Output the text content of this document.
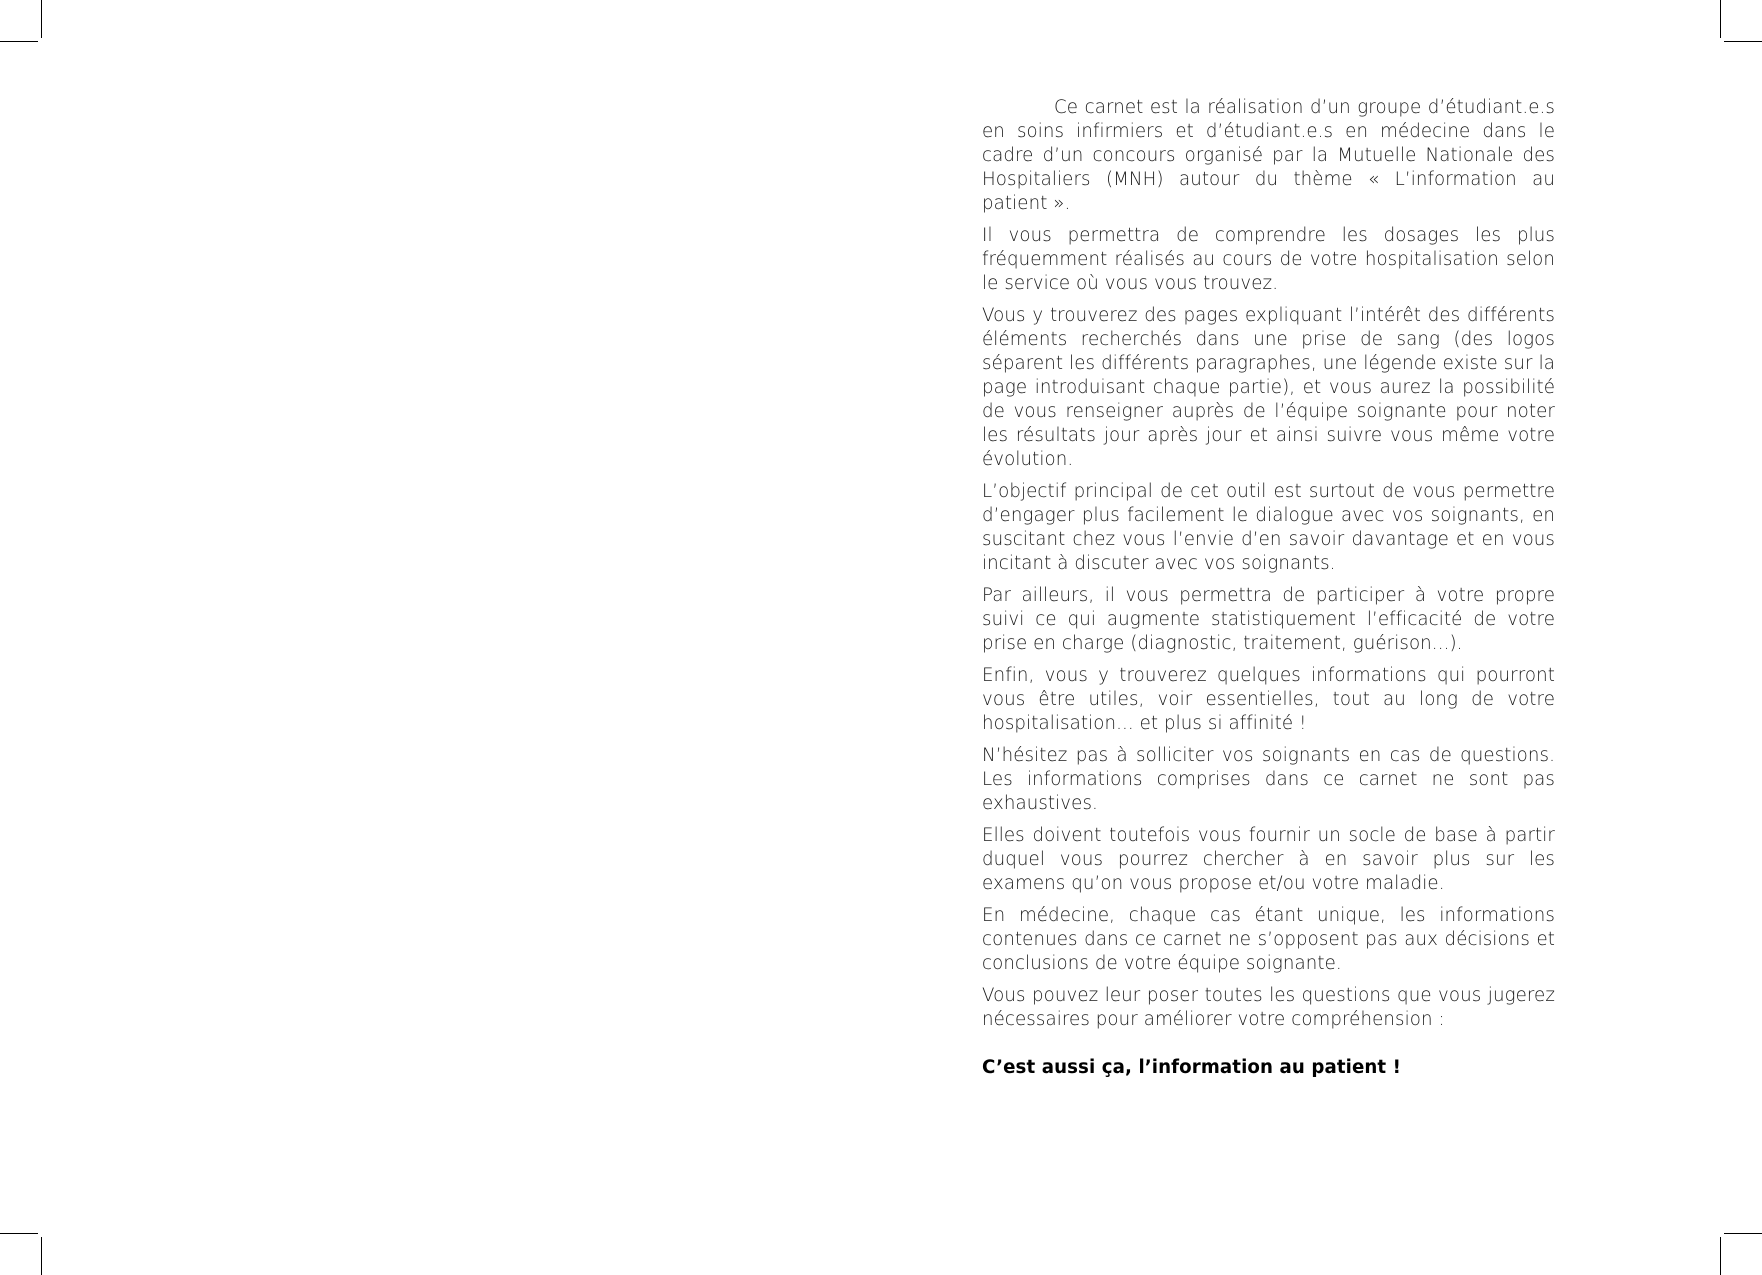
Ce carnet est la réalisation d’un groupe d’étudiant.e.s en soins infirmiers et d’étudiant.e.s en médecine dans le cadre d’un concours organisé par la Mutuelle Nationale des Hospitaliers (MNH) autour du thème « L’information au patient ».

Il vous permettra de comprendre les dosages les plus fréquemment réalisés au cours de votre hospitalisation selon le service où vous vous trouvez.

Vous y trouverez des pages expliquant l’intérêt des différents éléments recherchés dans une prise de sang (des logos séparent les différents paragraphes, une légende existe sur la page introduisant chaque partie), et vous aurez la possibilité de vous renseigner auprès de l’équipe soignante pour noter les résultats jour après jour et ainsi suivre vous même votre évolution.

L’objectif principal de cet outil est surtout de vous permettre d’engager plus facilement le dialogue avec vos soignants, en suscitant chez vous l’envie d’en savoir davantage et en vous incitant à discuter avec vos soignants.

Par ailleurs, il vous permettra de participer à votre propre suivi ce qui augmente statistiquement l’efficacité de votre prise en charge (diagnostic, traitement, guérison...).

Enfin, vous y trouverez quelques informations qui pourront vous être utiles, voir essentielles, tout au long de votre hospitalisation... et plus si affinité !

N’hésitez pas à solliciter vos soignants en cas de questions. Les informations comprises dans ce carnet ne sont pas exhaustives.

Elles doivent toutefois vous fournir un socle de base à partir duquel vous pourrez chercher à en savoir plus sur les examens qu’on vous propose et/ou votre maladie.

En médecine, chaque cas étant unique, les informations contenues dans ce carnet ne s’opposent pas aux décisions et conclusions de votre équipe soignante.

Vous pouvez leur poser toutes les questions que vous jugerez nécessaires pour améliorer votre compréhension :

C’est aussi ça, l’information au patient !
